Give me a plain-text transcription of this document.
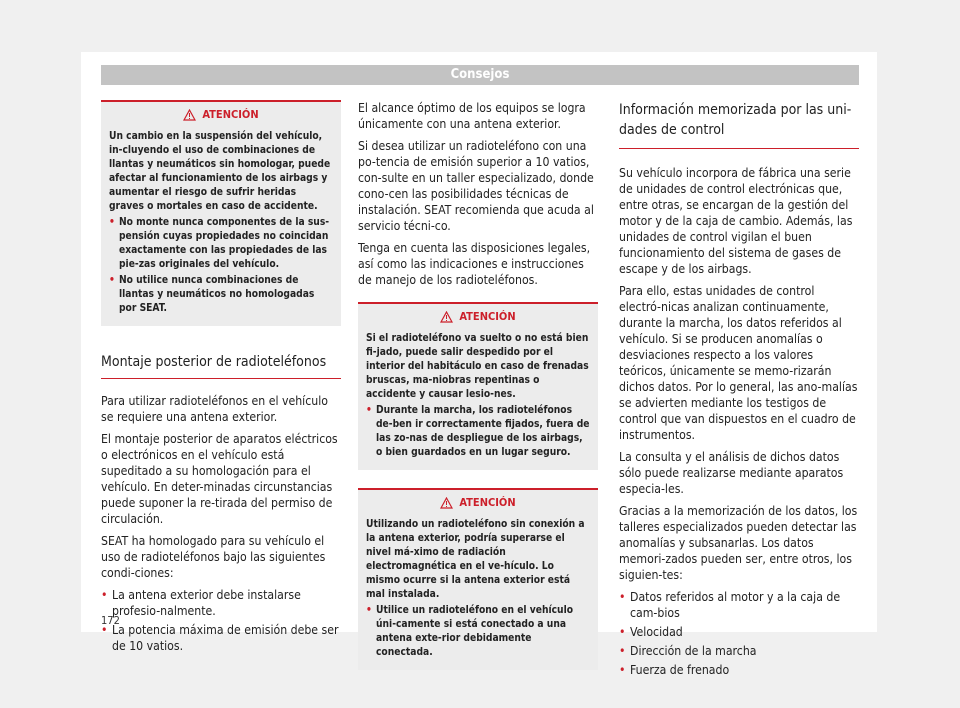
Consejos
ATENCIÓN

Un cambio en la suspensión del vehículo, in-cluyendo el uso de combinaciones de llantas y neumáticos sin homologar, puede afectar al funcionamiento de los airbags y aumentar el riesgo de sufrir heridas graves o mortales en caso de accidente.

• No monte nunca componentes de la sus-pensión cuyas propiedades no coincidan exactamente con las propiedades de las pie-zas originales del vehículo.

• No utilice nunca combinaciones de llantas y neumáticos no homologadas por SEAT.

Montaje posterior de radioteléfonos

Para utilizar radioteléfonos en el vehículo se requiere una antena exterior.

El montaje posterior de aparatos eléctricos o electrónicos en el vehículo está supeditado a su homologación para el vehículo. En deter-minadas circunstancias puede suponer la re-tirada del permiso de circulación.

SEAT ha homologado para su vehículo el uso de radioteléfonos bajo las siguientes condi-ciones:

• La antena exterior debe instalarse profesio-nalmente.

• La potencia máxima de emisión debe ser de 10 vatios.

El alcance óptimo de los equipos se logra únicamente con una antena exterior.

Si desea utilizar un radioteléfono con una po-tencia de emisión superior a 10 vatios, con-sulte en un taller especializado, donde cono-cen las posibilidades técnicas de instalación. SEAT recomienda que acuda al servicio técni-co.

Tenga en cuenta las disposiciones legales, así como las indicaciones e instrucciones de manejo de los radioteléfonos.

ATENCIÓN

Si el radioteléfono va suelto o no está bien fi-jado, puede salir despedido por el interior del habitáculo en caso de frenadas bruscas, ma-niobras repentinas o accidente y causar lesio-nes.

• Durante la marcha, los radioteléfonos de-ben ir correctamente fijados, fuera de las zo-nas de despliegue de los airbags, o bien guardados en un lugar seguro.

ATENCIÓN

Utilizando un radioteléfono sin conexión a la antena exterior, podría superarse el nivel má-ximo de radiación electromagnética en el ve-hículo. Lo mismo ocurre si la antena exterior está mal instalada.

• Utilice un radioteléfono en el vehículo úni-camente si está conectado a una antena exte-rior debidamente conectada.

Información memorizada por las uni-dades de control

Su vehículo incorpora de fábrica una serie de unidades de control electrónicas que, entre otras, se encargan de la gestión del motor y de la caja de cambio. Además, las unidades de control vigilan el buen funcionamiento del sistema de gases de escape y de los airbags.

Para ello, estas unidades de control electró-nicas analizan continuamente, durante la marcha, los datos referidos al vehículo. Si se producen anomalías o desviaciones respecto a los valores teóricos, únicamente se memo-rizarán dichos datos. Por lo general, las ano-malías se advierten mediante los testigos de control que van dispuestos en el cuadro de instrumentos.

La consulta y el análisis de dichos datos sólo puede realizarse mediante aparatos especia-les.

Gracias a la memorización de los datos, los talleres especializados pueden detectar las anomalías y subsanarlas. Los datos memori-zados pueden ser, entre otros, los siguien-tes:

• Datos referidos al motor y a la caja de cam-bios

• Velocidad

• Dirección de la marcha

• Fuerza de frenado

172
